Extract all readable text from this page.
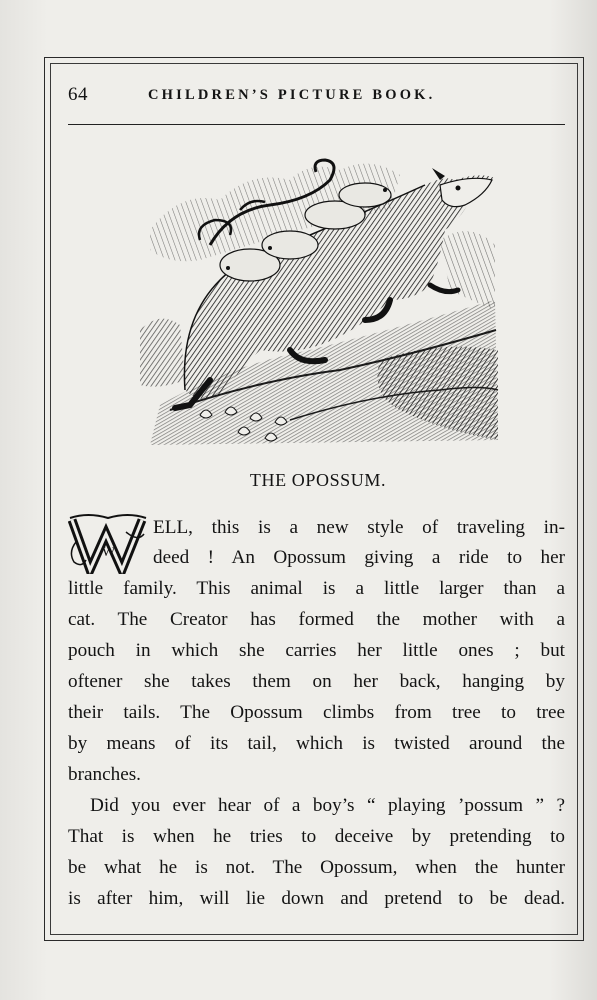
64	CHILDREN’S PICTURE BOOK.
THE OPOSSUM.
W
ELL, this is a new style of traveling in-
deed ! An Opossum giving a ride to her
little family. This animal is a little larger than a
cat. The Creator has formed the mother with a
pouch in which she carries her little ones ; but
oftener she takes them on her back, hanging by
their tails. The Opossum climbs from tree to tree
by means of its tail, which is twisted around the
branches.
Did you ever hear of a boy’s “ playing ’possum ” ?
That is when he tries to deceive by pretending to
be what he is not. The Opossum, when the hunter
is after him, will lie down and pretend to be dead.
